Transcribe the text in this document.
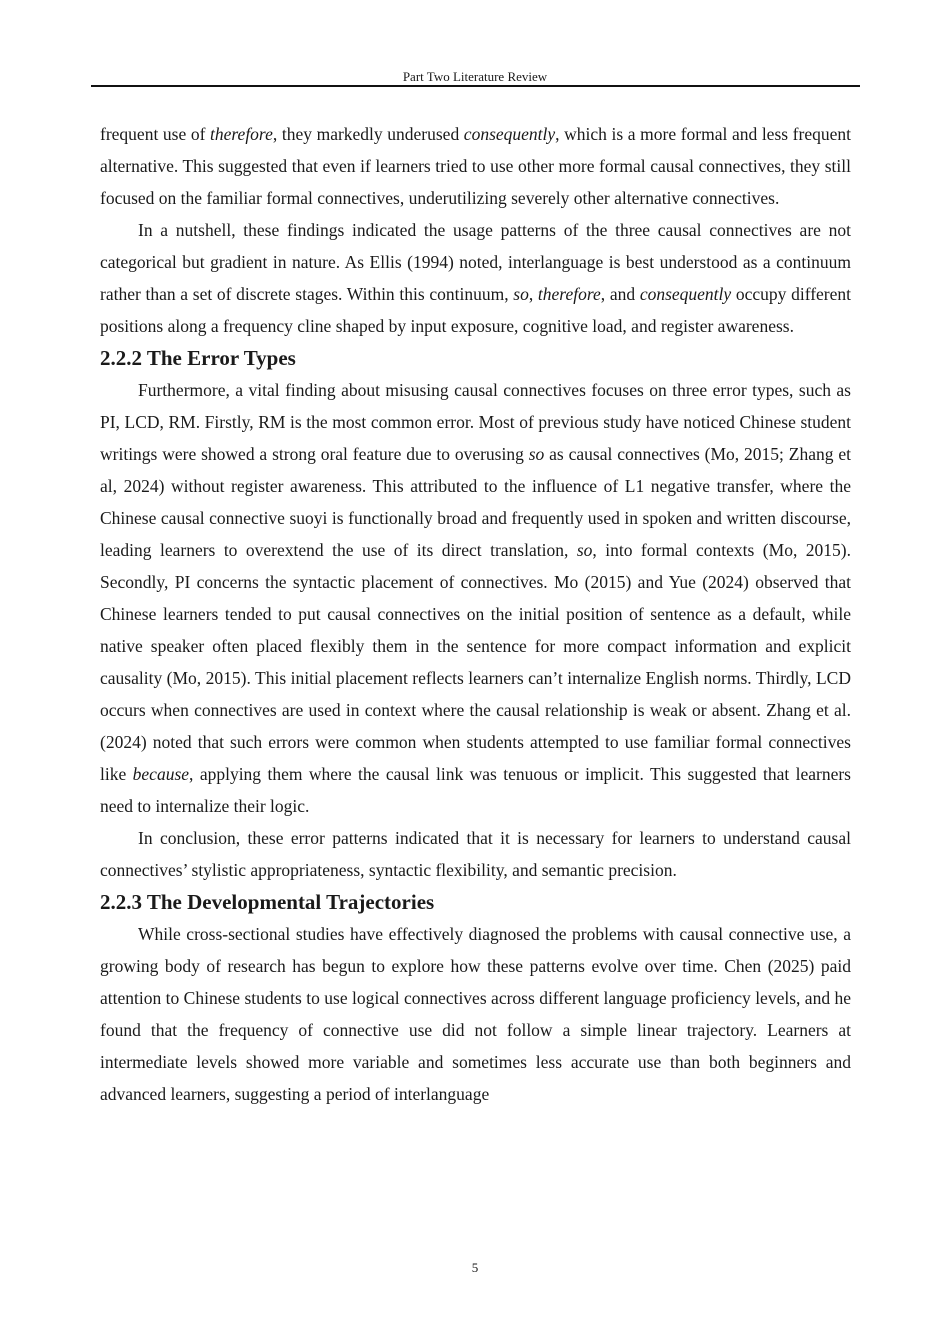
Part Two Literature Review

frequent use of therefore, they markedly underused consequently, which is a more formal and less frequent alternative. This suggested that even if learners tried to use other more formal causal connectives, they still focused on the familiar formal connectives, underutilizing severely other alternative connectives.

In a nutshell, these findings indicated the usage patterns of the three causal connectives are not categorical but gradient in nature. As Ellis (1994) noted, interlanguage is best understood as a continuum rather than a set of discrete stages. Within this continuum, so, therefore, and consequently occupy different positions along a frequency cline shaped by input exposure, cognitive load, and register awareness.

2.2.2 The Error Types

Furthermore, a vital finding about misusing causal connectives focuses on three error types, such as PI, LCD, RM. Firstly, RM is the most common error. Most of previous study have noticed Chinese student writings were showed a strong oral feature due to overusing so as causal connectives (Mo, 2015; Zhang et al, 2024) without register awareness. This attributed to the influence of L1 negative transfer, where the Chinese causal connective suoyi is functionally broad and frequently used in spoken and written discourse, leading learners to overextend the use of its direct translation, so, into formal contexts (Mo, 2015). Secondly, PI concerns the syntactic placement of connectives. Mo (2015) and Yue (2024) observed that Chinese learners tended to put causal connectives on the initial position of sentence as a default, while native speaker often placed flexibly them in the sentence for more compact information and explicit causality (Mo, 2015). This initial placement reflects learners can’t internalize English norms. Thirdly, LCD occurs when connectives are used in context where the causal relationship is weak or absent. Zhang et al. (2024) noted that such errors were common when students attempted to use familiar formal connectives like because, applying them where the causal link was tenuous or implicit. This suggested that learners need to internalize their logic.

In conclusion, these error patterns indicated that it is necessary for learners to understand causal connectives’ stylistic appropriateness, syntactic flexibility, and semantic precision.

2.2.3 The Developmental Trajectories

While cross-sectional studies have effectively diagnosed the problems with causal connective use, a growing body of research has begun to explore how these patterns evolve over time. Chen (2025) paid attention to Chinese students to use logical connectives across different language proficiency levels, and he found that the frequency of connective use did not follow a simple linear trajectory. Learners at intermediate levels showed more variable and sometimes less accurate use than both beginners and advanced learners, suggesting a period of interlanguage

5
